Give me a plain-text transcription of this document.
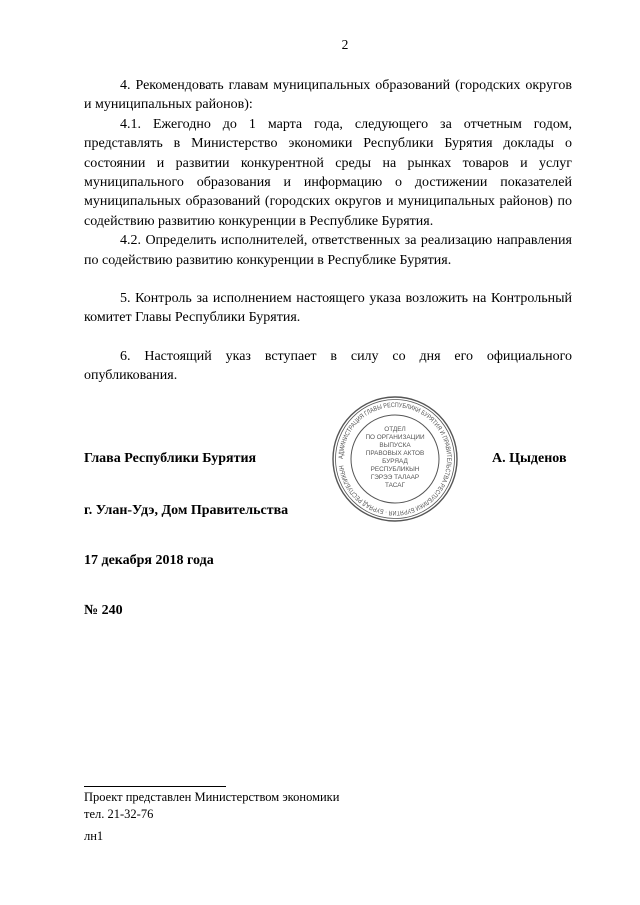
2

4. Рекомендовать главам муниципальных образований (городских округов и муниципальных районов):

4.1. Ежегодно до 1 марта года, следующего за отчетным годом, представлять в Министерство экономики Республики Бурятия доклады о состоянии и развитии конкурентной среды на рынках товаров и услуг муниципального образования и информацию о достижении показателей муниципальных образований (городских округов и муниципальных районов) по содействию развитию конкуренции в Республике Бурятия.

4.2. Определить исполнителей, ответственных за реализацию направления по содействию развитию конкуренции в Республике Бурятия.

5. Контроль за исполнением настоящего указа возложить на Контрольный комитет Главы Республики Бурятия.

6. Настоящий указ вступает в силу со дня его официального опубликования.

Глава Республики Бурятия	А. Цыденов
г. Улан-Удэ, Дом Правительства
17 декабря 2018 года
№ 240
АДМИНИСТРАЦИЯ ГЛАВЫ РЕСПУБЛИКИ БУРЯТИЯ И ПРАВИТЕЛЬСТВА РЕСПУБЛИКИ БУРЯТИЯ · БУРЯАД РЕСПУБЛИКЫН
ОТДЕЛ
ПО ОРГАНИЗАЦИИ
ВЫПУСКА
ПРАВОВЫХ АКТОВ
БУРЯАД
РЕСПУБЛИКЫН
ГЭРЭЭ ТАЛААР
ТАСАГ
Проект представлен Министерством экономики
тел. 21-32-76
лн1
